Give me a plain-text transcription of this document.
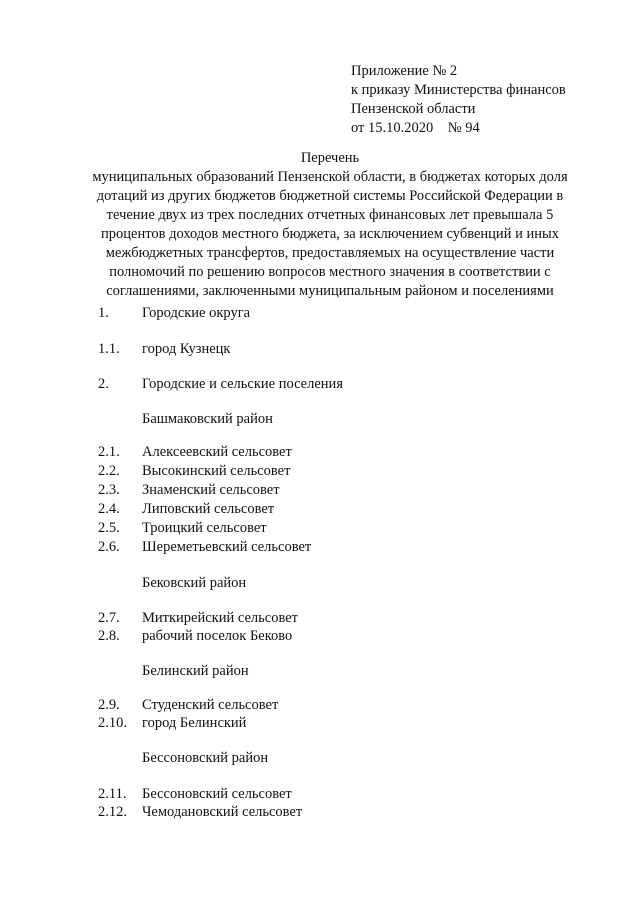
Приложение № 2
к приказу Министерства финансов
Пензенской области
от 15.10.2020    № 94
Перечень
муниципальных образований Пензенской области, в бюджетах которых доля
дотаций из других бюджетов бюджетной системы Российской Федерации в
течение двух из трех последних отчетных финансовых лет превышала 5
процентов доходов местного бюджета, за исключением субвенций и иных
межбюджетных трансфертов, предоставляемых на осуществление части
полномочий по решению вопросов местного значения в соответствии с
соглашениями, заключенными муниципальным районом и поселениями
1. Городские округа
1.1. город Кузнецк
2. Городские и сельские поселения
Башмаковский район
2.1. Алексеевский сельсовет
2.2. Высокинский сельсовет
2.3. Знаменский сельсовет
2.4. Липовский сельсовет
2.5. Троицкий сельсовет
2.6. Шереметьевский сельсовет
Бековский район
2.7. Миткирейский сельсовет
2.8. рабочий поселок Беково
Белинский район
2.9. Студенский сельсовет
2.10. город Белинский
Бессоновский район
2.11. Бессоновский сельсовет
2.12. Чемодановский сельсовет
